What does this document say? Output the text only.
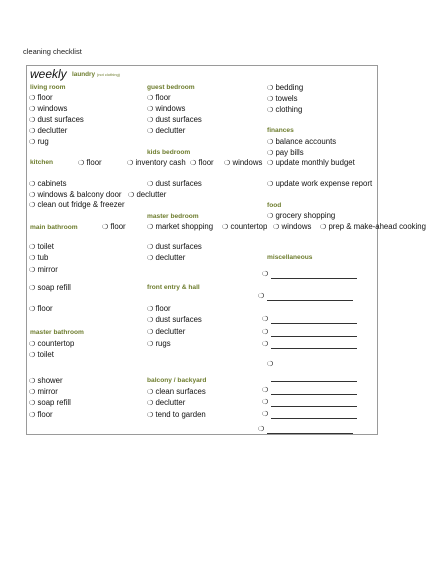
cleaning checklist
weekly laundry (not clothing)
living room
❍ floor
❍ windows
❍ dust surfaces
❍ declutter
❍ rug
guest bedroom
❍ floor
❍ windows
❍ dust surfaces
❍ declutter
kids bedroom
❍ bedding
❍ towels
❍ clothing
finances
❍ balance accounts
❍ pay bills
kitchen	❍ floor	❍ inventory cash ❍ floor ❍ windows ❍ update monthly budget
❍ cabinets	❍ dust surfaces	❍ update work expense report
❍ windows & balcony door ❍ declutter
❍ clean out fridge & freezer	food
master bedroom	❍ grocery shopping
main bathroom	❍ floor	❍ market shopping ❍ countertop ❍ windows ❍ prep & make-ahead cooking
❍ toilet	❍ dust surfaces
❍ tub	❍ declutter	miscellaneous
❍ mirror
❍ soap refill	front entry & hall
❍ floor	❍ floor
❍ dust surfaces
master bathroom	❍ declutter
❍ countertop	❍ rugs
❍ toilet
❍ shower	balcony / backyard
❍ mirror	❍ clean surfaces
❍ soap refill	❍ declutter
❍ floor	❍ tend to garden
❍
❍
❍
❍
❍
❍
❍
❍
❍
❍
